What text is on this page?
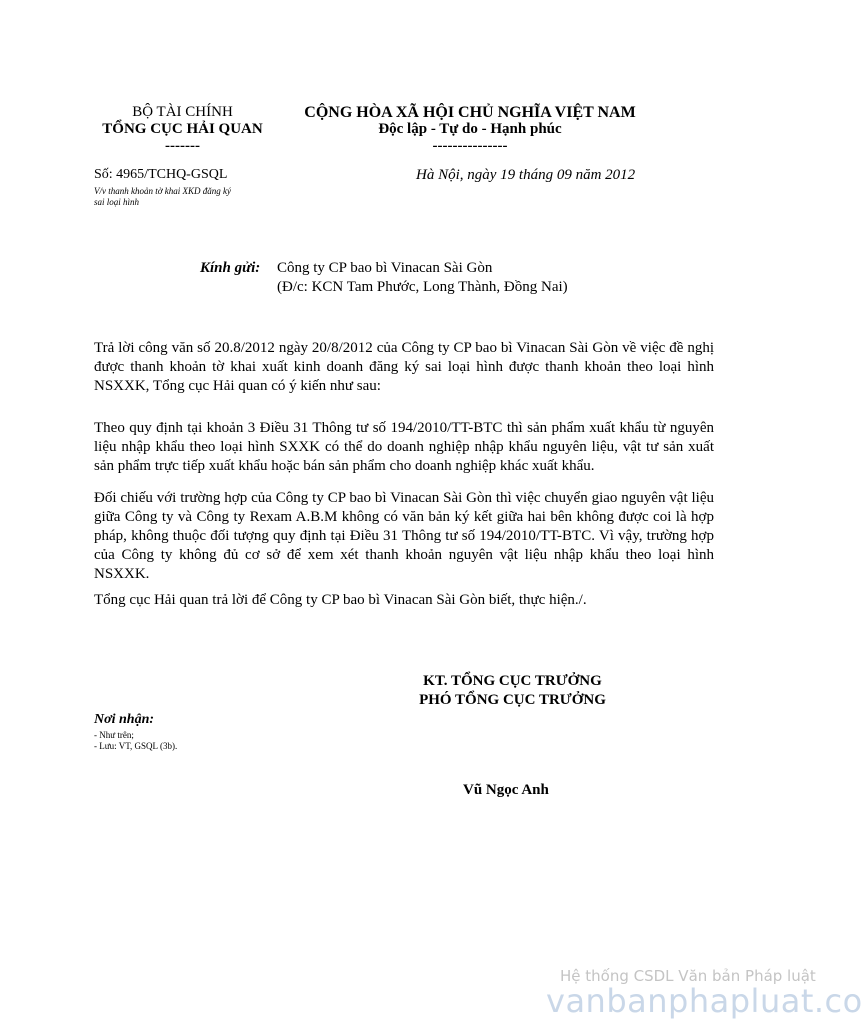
BỘ TÀI CHÍNH
TỔNG CỤC HẢI QUAN
-------
CỘNG HÒA XÃ HỘI CHỦ NGHĨA VIỆT NAM
Độc lập - Tự do - Hạnh phúc
---------------
Số: 4965/TCHQ-GSQL
V/v thanh khoản tờ khai XKD đăng ký
sai loại hình
Hà Nội, ngày 19 tháng 09 năm 2012
Kính gửi: Công ty CP bao bì Vinacan Sài Gòn
(Đ/c: KCN Tam Phước, Long Thành, Đồng Nai)
Trả lời công văn số 20.8/2012 ngày 20/8/2012 của Công ty CP bao bì Vinacan Sài Gòn về việc đề nghị được thanh khoản tờ khai xuất kinh doanh đăng ký sai loại hình được thanh khoản theo loại hình NSXXK, Tổng cục Hải quan có ý kiến như sau:
Theo quy định tại khoản 3 Điều 31 Thông tư số 194/2010/TT-BTC thì sản phẩm xuất khẩu từ nguyên liệu nhập khẩu theo loại hình SXXK có thể do doanh nghiệp nhập khẩu nguyên liệu, vật tư sản xuất sản phẩm trực tiếp xuất khẩu hoặc bán sản phẩm cho doanh nghiệp khác xuất khẩu.
Đối chiếu với trường hợp của Công ty CP bao bì Vinacan Sài Gòn thì việc chuyển giao nguyên vật liệu giữa Công ty và Công ty Rexam A.B.M không có văn bản ký kết giữa hai bên không được coi là hợp pháp, không thuộc đối tượng quy định tại Điều 31 Thông tư số 194/2010/TT-BTC. Vì vậy, trường hợp của Công ty không đủ cơ sở để xem xét thanh khoản nguyên vật liệu nhập khẩu theo loại hình NSXXK.
Tổng cục Hải quan trả lời để Công ty CP bao bì Vinacan Sài Gòn biết, thực hiện./.
KT. TỔNG CỤC TRƯỞNG
PHÓ TỔNG CỤC TRƯỞNG
Vũ Ngọc Anh
Nơi nhận:
- Như trên;
- Lưu: VT, GSQL (3b).
Hệ thống CSDL Văn bản Pháp luật
vanbanphapluat.co
